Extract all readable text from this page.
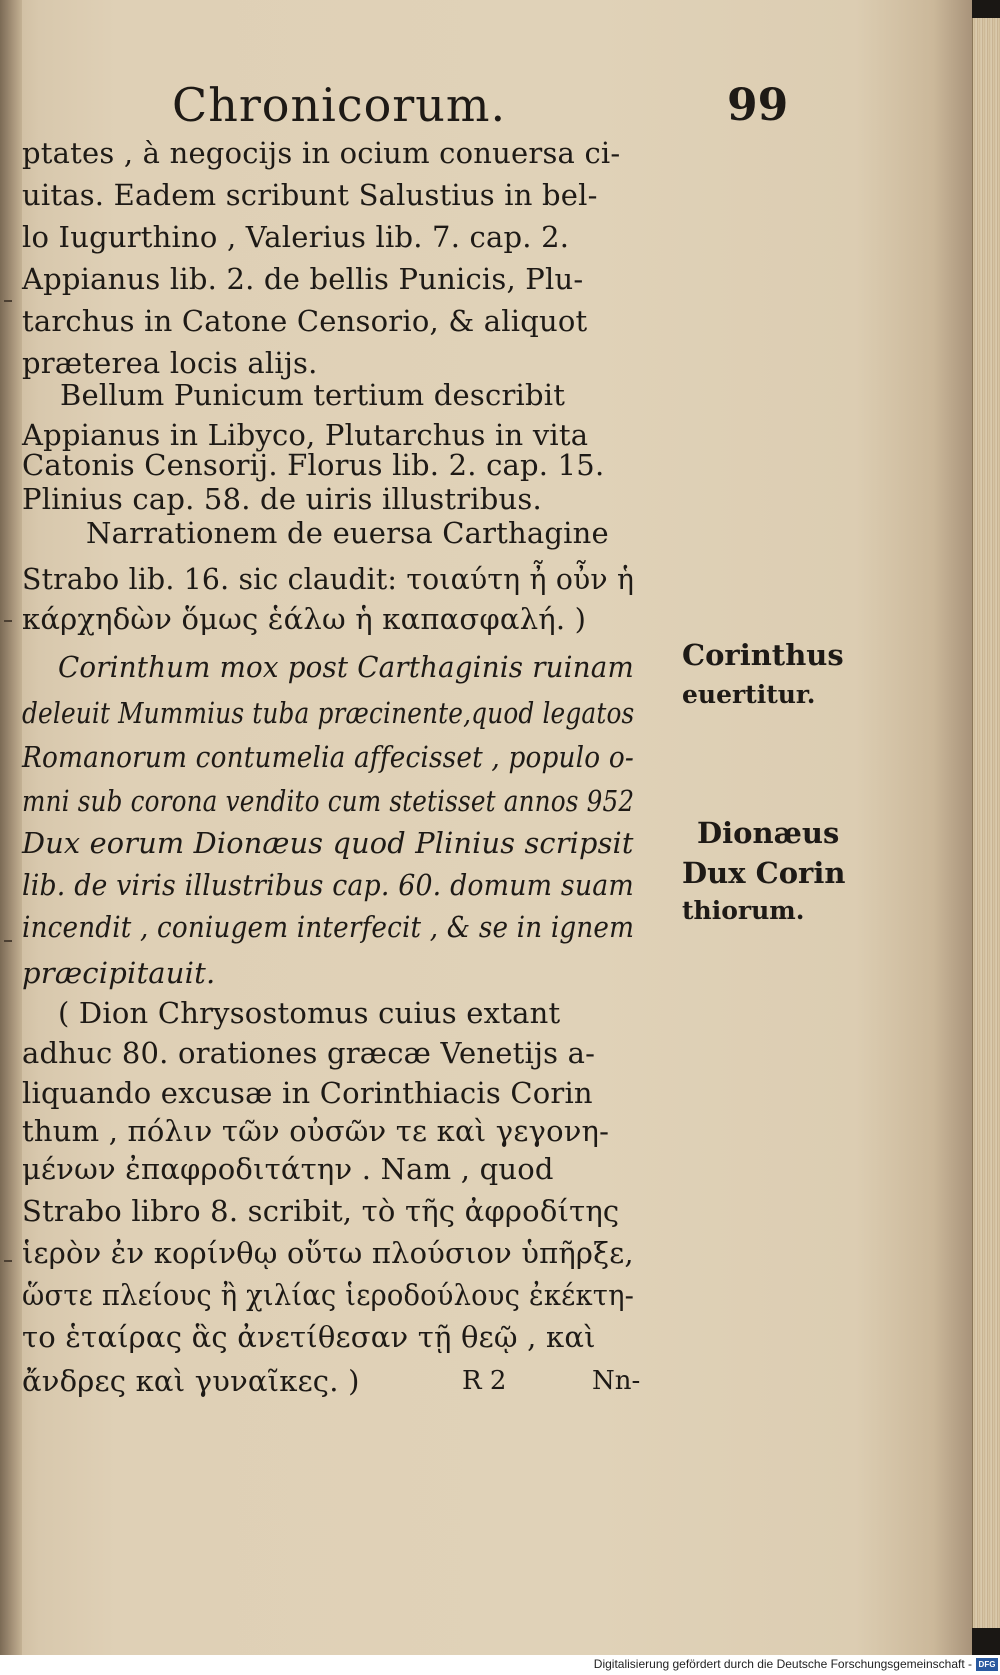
Chronicorum.	99
ptates , à negocijs in ocium conuersa ci-
uitas. Eadem scribunt Salustius in bel-
lo Iugurthino , Valerius lib. 7. cap. 2.
Appianus lib. 2. de bellis Punicis, Plu-
tarchus in Catone Censorio, & aliquot
præterea locis alijs.
Bellum Punicum tertium describit
Appianus in Libyco, Plutarchus in vita
Catonis Censorij. Florus lib. 2. cap. 15.
Plinius cap. 58. de uiris illustribus.
Narrationem de euersa Carthagine
Strabo lib. 16. sic claudit: τοιαύτη ἦ οὖν ἡ
κάρχηδὼν ὅμως ἑάλω ἡ καπασφαλή. )
Corinthum mox post Carthaginis ruinam
deleuit Mummius tuba præcinente,quod legatos
Romanorum contumelia affecisset , populo o-
mni sub corona vendito cum stetisset annos 952
Dux eorum Dionæus quod Plinius scripsit
lib. de viris illustribus cap. 60. domum suam
incendit , coniugem interfecit , & se in ignem
præcipitauit.
( Dion Chrysostomus cuius extant
adhuc 80. orationes græcæ Venetijs a-
liquando excusæ in Corinthiacis Corin
thum , πόλιν τῶν οὐσῶν τε καὶ γεγονη-
μένων ἐπαφροδιτάτην . Nam , quod
Strabo libro 8. scribit, τὸ τῆς ἀφροδίτης
ἱερὸν ἐν κορίνθῳ οὕτω πλούσιον ὑπῆρξε,
ὥστε πλείους ἢ χιλίας ἱεροδούλους ἐκέκτη-
το ἑταίρας ἃς ἀνετίθεσαν τῇ θεῷ , καὶ
ἄνδρες καὶ γυναῖκες. )	R 2	Nn-
Corinthus
euertitur.
Dionæus
Dux Corin
thiorum.
Digitalisierung gefördert durch die Deutsche Forschungsgemeinschaft - DFG
